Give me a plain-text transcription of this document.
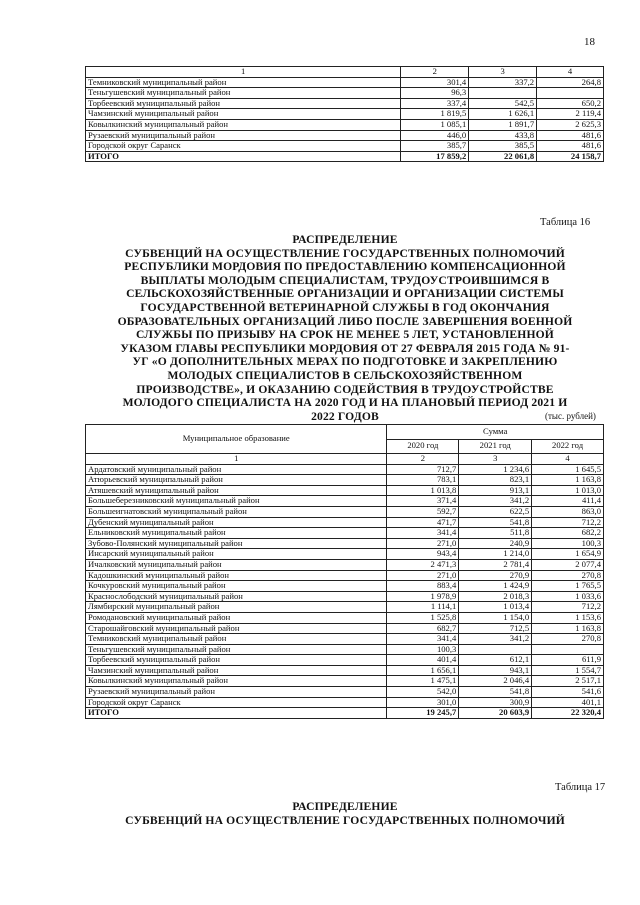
18
1	2	3	4
Темниковский муниципальный район	301,4	337,2	264,8
Теньгушевский муниципальный район	96,3		
Торбеевский муниципальный район	337,4	542,5	650,2
Чамзинский муниципальный район	1 819,5	1 626,1	2 119,4
Ковылкинский муниципальный район	1 085,1	1 891,7	2 625,3
Рузаевский муниципальный район	446,0	433,8	481,6
Городской округ Саранск	385,7	385,5	481,6
ИТОГО	17 859,2	22 061,8	24 158,7
Таблица 16
РАСПРЕДЕЛЕНИЕ
СУБВЕНЦИЙ НА ОСУЩЕСТВЛЕНИЕ ГОСУДАРСТВЕННЫХ ПОЛНОМОЧИЙ
РЕСПУБЛИКИ МОРДОВИЯ ПО ПРЕДОСТАВЛЕНИЮ КОМПЕНСАЦИОННОЙ
ВЫПЛАТЫ МОЛОДЫМ СПЕЦИАЛИСТАМ, ТРУДОУСТРОИВШИМСЯ В
СЕЛЬСКОХОЗЯЙСТВЕННЫЕ ОРГАНИЗАЦИИ И ОРГАНИЗАЦИИ СИСТЕМЫ
ГОСУДАРСТВЕННОЙ ВЕТЕРИНАРНОЙ СЛУЖБЫ В ГОД ОКОНЧАНИЯ
ОБРАЗОВАТЕЛЬНЫХ ОРГАНИЗАЦИЙ ЛИБО ПОСЛЕ ЗАВЕРШЕНИЯ ВОЕННОЙ
СЛУЖБЫ ПО ПРИЗЫВУ НА СРОК НЕ МЕНЕЕ 5 ЛЕТ, УСТАНОВЛЕННОЙ
УКАЗОМ ГЛАВЫ РЕСПУБЛИКИ МОРДОВИЯ ОТ 27 ФЕВРАЛЯ 2015 ГОДА № 91-
УГ «О ДОПОЛНИТЕЛЬНЫХ МЕРАХ ПО ПОДГОТОВКЕ И ЗАКРЕПЛЕНИЮ
МОЛОДЫХ СПЕЦИАЛИСТОВ В СЕЛЬСКОХОЗЯЙСТВЕННОМ
ПРОИЗВОДСТВЕ», И ОКАЗАНИЮ СОДЕЙСТВИЯ В ТРУДОУСТРОЙСТВЕ
МОЛОДОГО СПЕЦИАЛИСТА НА 2020 ГОД И НА ПЛАНОВЫЙ ПЕРИОД 2021 И
2022 ГОДОВ	(тыс. рублей)
Муниципальное образование	Сумма		
	2020 год	2021 год	2022 год
1	2	3	4
Ардатовский муниципальный район	712,7	1 234,6	1 645,5
Атюрьевский муниципальный район	783,1	823,1	1 163,8
Атяшевский муниципальный район	1 013,8	913,1	1 013,0
Большеберезниковский муниципальный район	371,4	341,2	411,4
Большеигнатовский муниципальный район	592,7	622,5	863,0
Дубенский муниципальный район	471,7	541,8	712,2
Ельниковский муниципальный район	341,4	511,8	682,2
Зубово-Полянский муниципальный район	271,0	240,9	100,3
Инсарский муниципальный район	943,4	1 214,0	1 654,9
Ичалковский муниципальный район	2 471,3	2 781,4	2 077,4
Кадошкинский муниципальный район	271,0	270,9	270,8
Кочкуровский муниципальный район	883,4	1 424,9	1 765,5
Краснослободский муниципальный район	1 978,9	2 018,3	1 033,6
Лямбирский муниципальный район	1 114,1	1 013,4	712,2
Ромодановский муниципальный район	1 525,8	1 154,0	1 153,6
Старошайговский муниципальный район	682,7	712,5	1 163,8
Темниковский муниципальный район	341,4	341,2	270,8
Теньгушевский муниципальный район	100,3		
Торбеевский муниципальный район	401,4	612,1	611,9
Чамзинский муниципальный район	1 656,1	943,1	1 554,7
Ковылкинский муниципальный район	1 475,1	2 046,4	2 517,1
Рузаевский муниципальный район	542,0	541,8	541,6
Городской округ Саранск	301,0	300,9	401,1
ИТОГО	19 245,7	20 603,9	22 320,4
Таблица 17
РАСПРЕДЕЛЕНИЕ
СУБВЕНЦИЙ НА ОСУЩЕСТВЛЕНИЕ ГОСУДАРСТВЕННЫХ ПОЛНОМОЧИЙ
